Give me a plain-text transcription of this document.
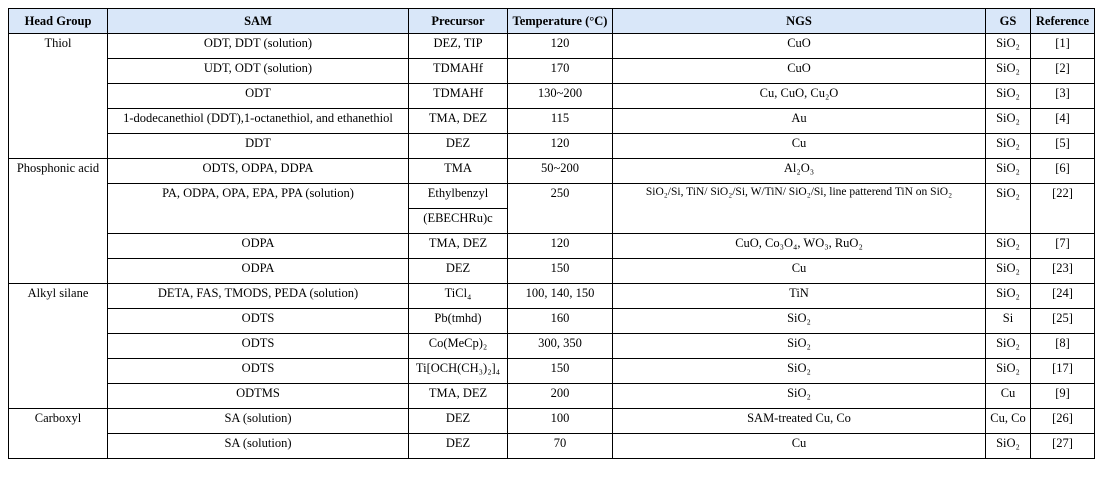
Head Group	SAM	Precursor	Temperature (°C)	NGS	GS	Reference
Thiol	ODT, DDT (solution)	DEZ, TIP	120	CuO	SiO₂	[1]
	UDT, ODT (solution)	TDMAHf	170	CuO	SiO₂	[2]
	ODT	TDMAHf	130~200	Cu, CuO, Cu₂O	SiO₂	[3]
	1-dodecanethiol (DDT),1-octanethiol, and ethanethiol	TMA, DEZ	115	Au	SiO₂	[4]
	DDT	DEZ	120	Cu	SiO₂	[5]
Phosphonic acid	ODTS, ODPA, DDPA	TMA	50~200	Al₂O₃	SiO₂	[6]
	PA, ODPA, OPA, EPA, PPA (solution)	Ethylbenzyl	250	SiO₂/Si, TiN/ SiO₂/Si, W/TiN/ SiO₂/Si, line patterend TiN on SiO₂	SiO₂	[22]
		(EBECHRu)c				
	ODPA	TMA, DEZ	120	CuO, Co₃O₄, WO₃, RuO₂	SiO₂	[7]
	ODPA	DEZ	150	Cu	SiO₂	[23]
Alkyl silane	DETA, FAS, TMODS, PEDA (solution)	TiCl₄	100, 140, 150	TiN	SiO₂	[24]
	ODTS	Pb(tmhd)	160	SiO₂	Si	[25]
	ODTS	Co(MeCp)₂	300, 350	SiO₂	SiO₂	[8]
	ODTS	Ti[OCH(CH₃)₂]₄	150	SiO₂	SiO₂	[17]
	ODTMS	TMA, DEZ	200	SiO₂	Cu	[9]
Carboxyl	SA (solution)	DEZ	100	SAM-treated Cu, Co	Cu, Co	[26]
	SA (solution)	DEZ	70	Cu	SiO₂	[27]
